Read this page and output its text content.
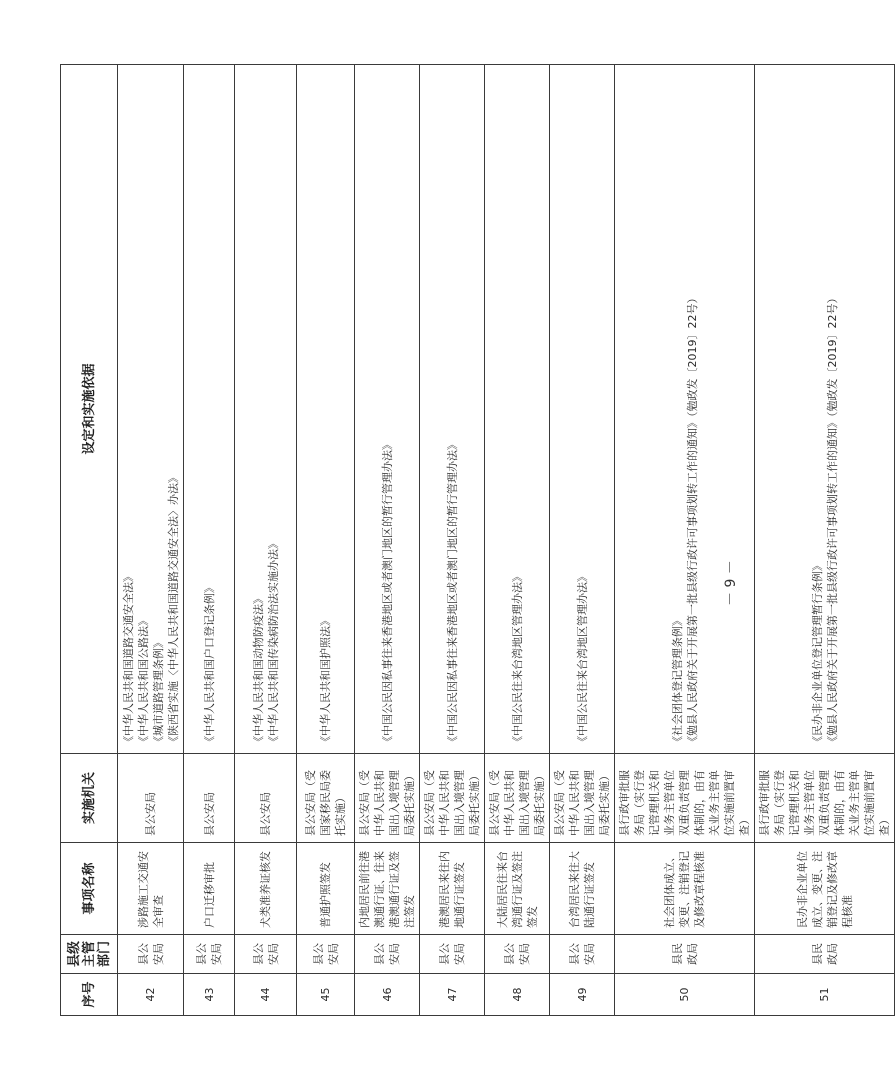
序号	县级主管部门	事项名称	实施机关	设定和实施依据
42	县公安局	涉路施工交通安全审查	县公安局	《中华人民共和国道路交通安全法》 《中华人民共和国公路法》 《城市道路管理条例》 《陕西省实施〈中华人民共和国道路交通安全法〉办法》

43	县公安局	户口迁移审批	县公安局	《中华人民共和国户口登记条例》

44	县公安局	犬类准养证核发	县公安局	《中华人民共和国动物防疫法》 《中华人民共和国传染病防治法实施办法》

45	县公安局	普通护照签发	县公安局（受国家移民局委托实施）	《中华人民共和国护照法》

46	县公安局	内地居民前往港澳通行证、往来港澳通行证及签注签发	县公安局（受中华人民共和国出入境管理局委托实施）	《中国公民因私事往来香港地区或者澳门地区的暂行管理办法》

47	县公安局	港澳居民来往内地通行证签发	县公安局（受中华人民共和国出入境管理局委托实施）	《中国公民因私事往来香港地区或者澳门地区的暂行管理办法》

48	县公安局	大陆居民往来台湾通行证及签注签发	县公安局（受中华人民共和国出入境管理局委托实施）	《中国公民往来台湾地区管理办法》

49	县公安局	台湾居民来往大陆通行证签发	县公安局（受中华人民共和国出入境管理局委托实施）	《中国公民往来台湾地区管理办法》

50	县民政局	社会团体成立、变更、注销登记及修改章程核准	县行政审批服务局（实行登记管理机关和业务主管单位双重负责管理体制的，由有关业务主管单位实施前置审查）	《社会团体登记管理条例》 《勉县人民政府关于开展第一批县级行政许可事项划转工作的通知》（勉政发〔2019〕22号）

51	县民政局	民办非企业单位成立、变更、注销登记及修改章程核准	县行政审批服务局（实行登记管理机关和业务主管单位双重负责管理体制的，由有关业务主管单位实施前置审查）	《民办非企业单位登记管理暂行条例》 《勉县人民政府关于开展第一批县级行政许可事项划转工作的通知》（勉政发〔2019〕22号）
－ 9 －
